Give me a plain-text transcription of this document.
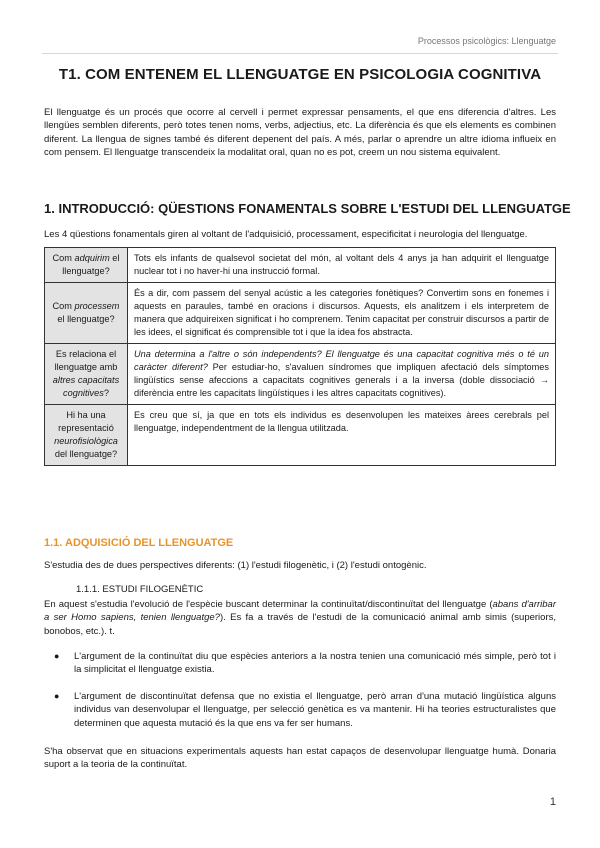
Processos psicològics: Llenguatge
T1. COM ENTENEM EL LLENGUATGE EN PSICOLOGIA COGNITIVA
El llenguatge és un procés que ocorre al cervell i permet expressar pensaments, el que ens diferencia d'altres. Les llengües semblen diferents, però totes tenen noms, verbs, adjectius, etc. La diferència és que els elements es combinen diferent. La llengua de signes també és diferent depenent del país. A més, parlar o aprendre un altre idioma influeix en com pensem. El llenguatge transcendeix la modalitat oral, quan no es pot, creem un nou sistema equivalent.
1. INTRODUCCIÓ: QÜESTIONS FONAMENTALS SOBRE L'ESTUDI DEL LLENGUATGE
Les 4 qüestions fonamentals giren al voltant de l'adquisició, processament, especificitat i neurologia del llenguatge.
Com adquirim el llenguatge?	Tots els infants de qualsevol societat del món, al voltant dels 4 anys ja han adquirit el llenguatge nuclear tot i no haver-hi una instrucció formal.
Com processem el llenguatge?	És a dir, com passem del senyal acústic a les categories fonètiques? Convertim sons en fonemes i aquests en paraules, també en oracions i discursos. Aquests, els analitzem i els interpretem de manera que adquireixen significat i ho comprenem. Tenim capacitat per construir discursos a partir de les idees, el significat és comprensible tot i que la idea fos abstracta.
Es relaciona el llenguatge amb altres capacitats cognitives?	Una determina a l'altre o són independents? El llenguatge és una capacitat cognitiva més o té un caràcter diferent? Per estudiar-ho, s'avaluen síndromes que impliquen afectació dels símptomes lingüístics sense afeccions a capacitats cognitives generals i a la inversa (doble dissociació → diferència entre les capacitats lingüístiques i les altres capacitats cognitives).
Hi ha una representació neurofisiològica del llenguatge?	Es creu que sí, ja que en tots els individus es desenvolupen les mateixes àrees cerebrals pel llenguatge, independentment de la llengua utilitzada.
1.1. ADQUISICIÓ DEL LLENGUATGE
S'estudia des de dues perspectives diferents: (1) l'estudi filogenètic, i (2) l'estudi ontogènic.
1.1.1. ESTUDI FILOGENÈTIC
En aquest s'estudia l'evolució de l'espècie buscant determinar la continuïtat/discontinuïtat del llenguatge (abans d'arribar a ser Homo sapiens, tenien llenguatge?). Es fa a través de l'estudi de la comunicació animal amb simis (superiors, bonobos, etc.). t.
● L'argument de la continuïtat diu que espècies anteriors a la nostra tenien una comunicació més simple, però tot i la simplicitat el llenguatge existia.
● L'argument de discontinuïtat defensa que no existia el llenguatge, però arran d'una mutació lingüística alguns individus van desenvolupar el llenguatge, per selecció genètica es va mantenir. Hi ha teories estructuralistes que determinen que aquesta mutació és la que ens va fer ser humans.
S'ha observat que en situacions experimentals aquests han estat capaços de desenvolupar llenguatge humà. Donaria suport a la teoria de la continuïtat.
1
